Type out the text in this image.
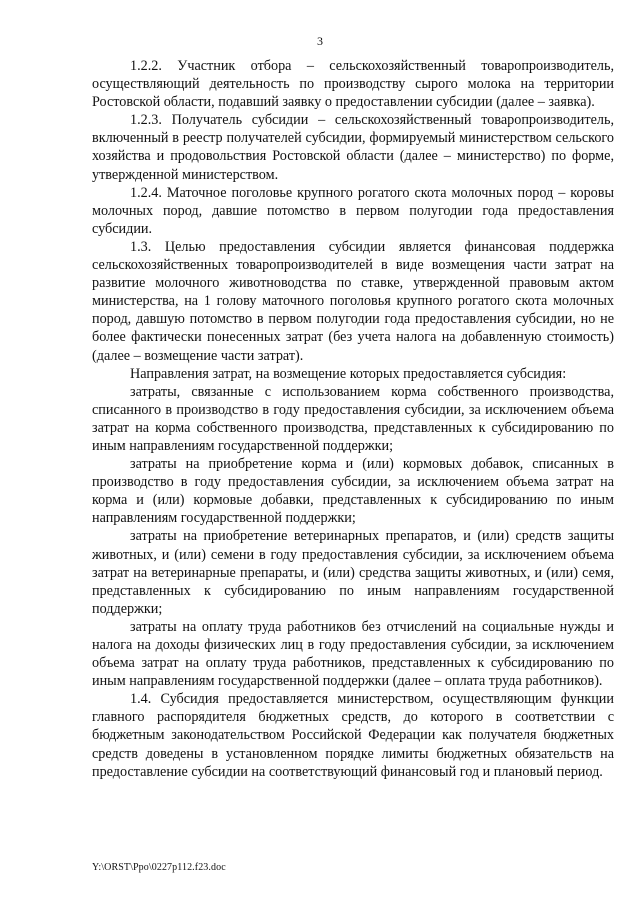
3

1.2.2. Участник отбора – сельскохозяйственный товаропроизводитель, осуществляющий деятельность по производству сырого молока на территории Ростовской области, подавший заявку о предоставлении субсидии (далее – заявка).

1.2.3. Получатель субсидии – сельскохозяйственный товаропроизводитель, включенный в реестр получателей субсидии, формируемый министерством сельского хозяйства и продовольствия Ростовской области (далее – министерство) по форме, утвержденной министерством.

1.2.4. Маточное поголовье крупного рогатого скота молочных пород – коровы молочных пород, давшие потомство в первом полугодии года предоставления субсидии.

1.3. Целью предоставления субсидии является финансовая поддержка сельскохозяйственных товаропроизводителей в виде возмещения части затрат на развитие молочного животноводства по ставке, утвержденной правовым актом министерства, на 1 голову маточного поголовья крупного рогатого скота молочных пород, давшую потомство в первом полугодии года предоставления субсидии, но не более фактически понесенных затрат (без учета налога на добавленную стоимость) (далее – возмещение части затрат).

Направления затрат, на возмещение которых предоставляется субсидия:

затраты, связанные с использованием корма собственного производства, списанного в производство в году предоставления субсидии, за исключением объема затрат на корма собственного производства, представленных к субсидированию по иным направлениям государственной поддержки;

затраты на приобретение корма и (или) кормовых добавок, списанных в производство в году предоставления субсидии, за исключением объема затрат на корма и (или) кормовые добавки, представленных к субсидированию по иным направлениям государственной поддержки;

затраты на приобретение ветеринарных препаратов, и (или) средств защиты животных, и (или) семени в году предоставления субсидии, за исключением объема затрат на ветеринарные препараты, и (или) средства защиты животных, и (или) семя, представленных к субсидированию по иным направлениям государственной поддержки;

затраты на оплату труда работников без отчислений на социальные нужды и налога на доходы физических лиц в году предоставления субсидии, за исключением объема затрат на оплату труда работников, представленных к субсидированию по иным направлениям государственной поддержки (далее – оплата труда работников).

1.4. Субсидия предоставляется министерством, осуществляющим функции главного распорядителя бюджетных средств, до которого в соответствии с бюджетным законодательством Российской Федерации как получателя бюджетных средств доведены в установленном порядке лимиты бюджетных обязательств на предоставление субсидии на соответствующий финансовый год и плановый период.

Y:\ORST\Ppo\0227p112.f23.doc
